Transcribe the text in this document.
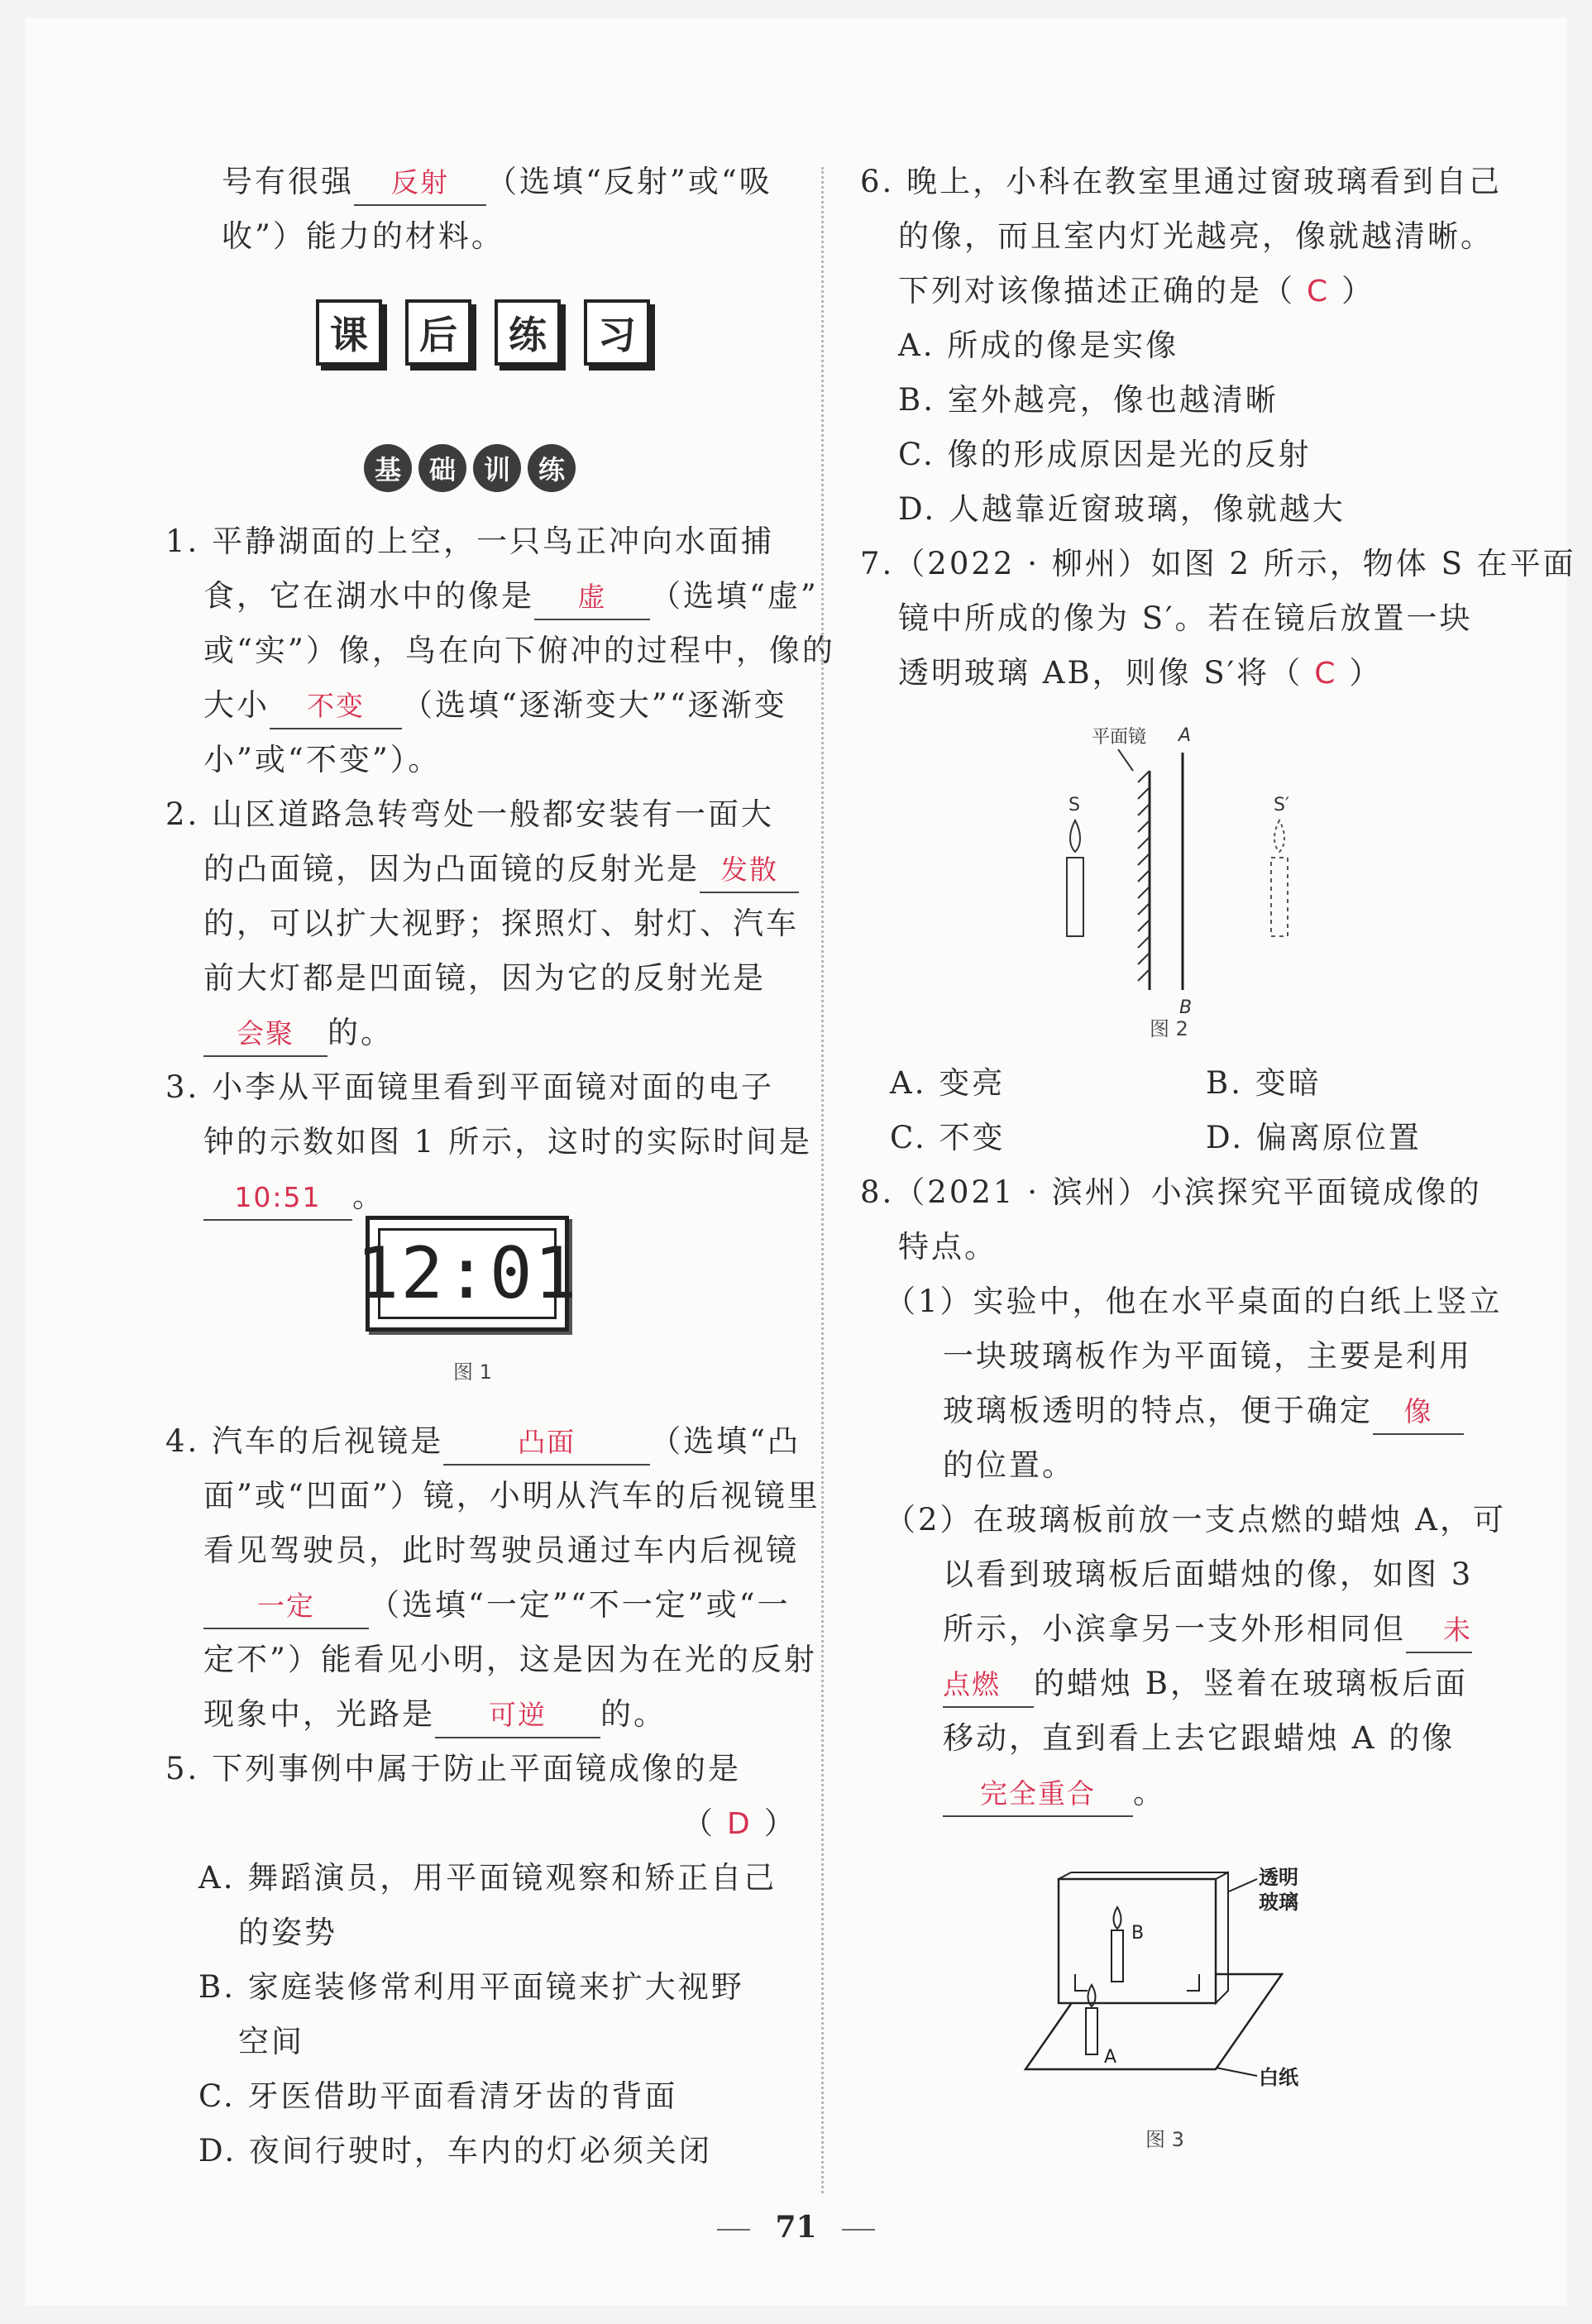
号有很强 反射 （选填“反射”或“吸
收”）能力的材料。
课	后	练	习
基	础	训	练
1. 平静湖面的上空，一只鸟正冲向水面捕
食，它在湖水中的像是 虚 （选填“虚”
或“实”）像，鸟在向下俯冲的过程中，像的
大小 不变 （选填“逐渐变大”“逐渐变
小”或“不变”）。
2. 山区道路急转弯处一般都安装有一面大
的凸面镜，因为凸面镜的反射光是 发散
的，可以扩大视野；探照灯、射灯、汽车
前大灯都是凹面镜，因为它的反射光是
会聚 的。
3. 小李从平面镜里看到平面镜对面的电子
钟的示数如图 1 所示，这时的实际时间是
10:51 。
12:01
图 1
4. 汽车的后视镜是	凸面 （选填“凸
面”或“凹面”）镜，小明从汽车的后视镜里
看见驾驶员，此时驾驶员通过车内后视镜
一定 （选填“一定”“不一定”或“一
定不”）能看见小明，这是因为在光的反射
现象中，光路是 可逆 的。
5. 下列事例中属于防止平面镜成像的是
（ D ）
A. 舞蹈演员，用平面镜观察和矫正自己
的姿势
B. 家庭装修常利用平面镜来扩大视野
空间
C. 牙医借助平面看清牙齿的背面
D. 夜间行驶时，车内的灯必须关闭
6. 晚上，小科在教室里通过窗玻璃看到自己
的像，而且室内灯光越亮，像就越清晰。
下列对该像描述正确的是（ C ）
A. 所成的像是实像
B. 室外越亮，像也越清晰
C. 像的形成原因是光的反射
D. 人越靠近窗玻璃，像就越大
7.（2022 · 柳州）如图 2 所示，物体 S 在平面
镜中所成的像为 S′。若在镜后放置一块
透明玻璃 AB，则像 S′将（ C ）
平面镜 A
B
S	S′
图 2
A. 变亮	B. 变暗
C. 不变	D. 偏离原位置
8.（2021 · 滨州）小滨探究平面镜成像的
特点。
（1）实验中，他在水平桌面的白纸上竖立
一块玻璃板作为平面镜，主要是利用
玻璃板透明的特点，便于确定 像
的位置。
（2）在玻璃板前放一支点燃的蜡烛 A，可
以看到玻璃板后面蜡烛的像，如图 3
所示，小滨拿另一支外形相同但 未
点燃 的蜡烛 B，竖着在玻璃板后面
移动，直到看上去它跟蜡烛 A 的像
完全重合 。
B
A
透明
玻璃
白纸
图 3
71
